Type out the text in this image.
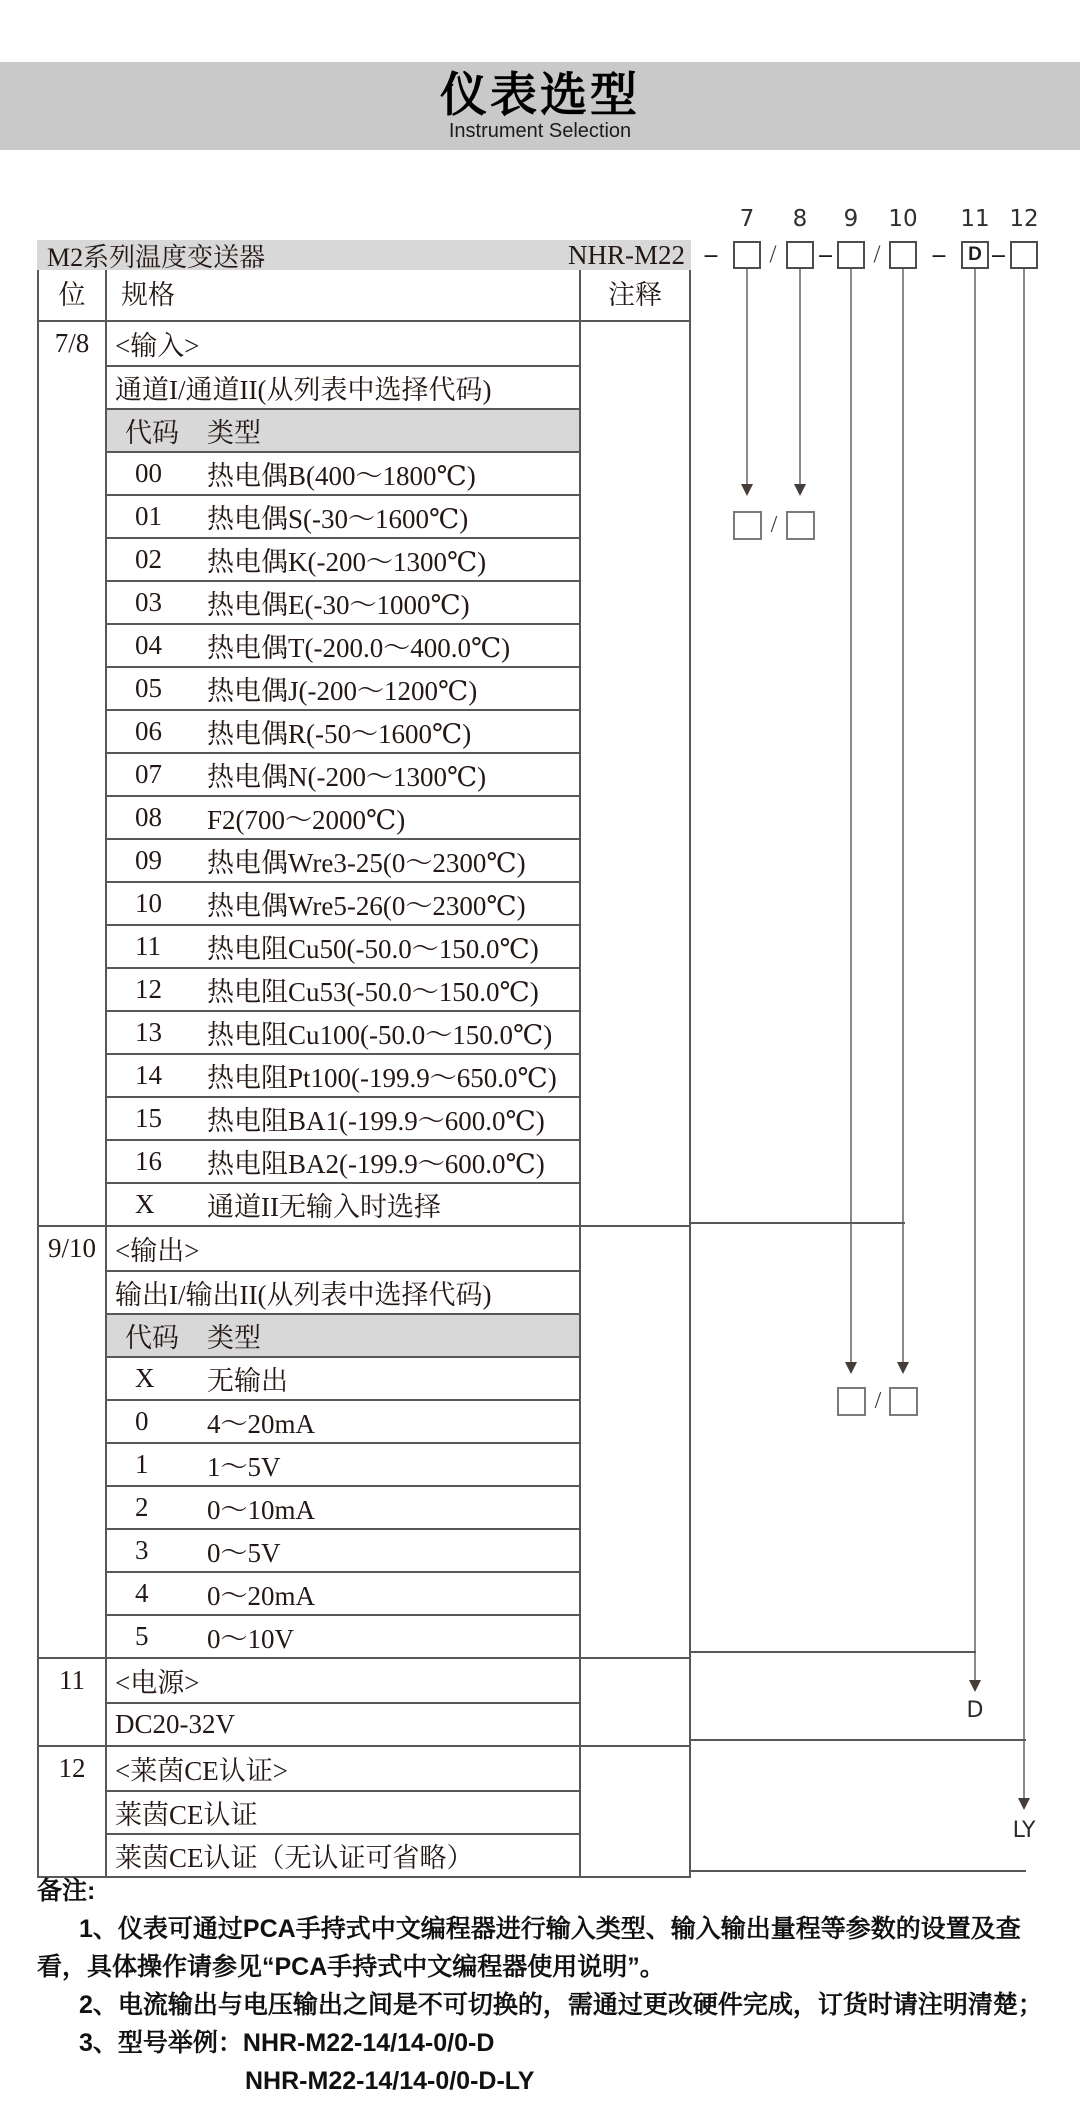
仪表选型
Instrument Selection
7	8	9	10 11 12
M2系列温度变送器	NHR-M22 –	/	–	/	–	D –
/
/
D
LY
位	规格	注释
7/8 <输入>
通道I/通道II(从列表中选择代码)
代码	类型
00	热电偶B(400～1800℃)
01	热电偶S(-30～1600℃)
02	热电偶K(-200～1300℃)
03	热电偶E(-30～1000℃)
04	热电偶T(-200.0～400.0℃)
05	热电偶J(-200～1200℃)
06	热电偶R(-50～1600℃)
07	热电偶N(-200～1300℃)
08	F2(700～2000℃)
09	热电偶Wre3-25(0～2300℃)
10	热电偶Wre5-26(0～2300℃)
11	热电阻Cu50(-50.0～150.0℃)
12	热电阻Cu53(-50.0～150.0℃)
13	热电阻Cu100(-50.0～150.0℃)
14	热电阻Pt100(-199.9～650.0℃)
15	热电阻BA1(-199.9～600.0℃)
16	热电阻BA2(-199.9～600.0℃)
X	通道II无输入时选择
9/10 <输出>
输出I/输出II(从列表中选择代码)
代码	类型
X	无输出
0	4～20mA
1	1～5V
2	0～10mA
3	0～5V
4	0～20mA
5	0～10V
11	<电源>
DC20-32V
12	<莱茵CE认证>
莱茵CE认证
莱茵CE认证（无认证可省略）
备注:
1、仪表可通过PCA手持式中文编程器进行输入类型、输入输出量程等参数的设置及查
看，具体操作请参见“PCA手持式中文编程器使用说明”。
2、电流输出与电压输出之间是不可切换的，需通过更改硬件完成，订货时请注明清楚；
3、型号举例：NHR-M22-14/14-0/0-D
NHR-M22-14/14-0/0-D-LY
